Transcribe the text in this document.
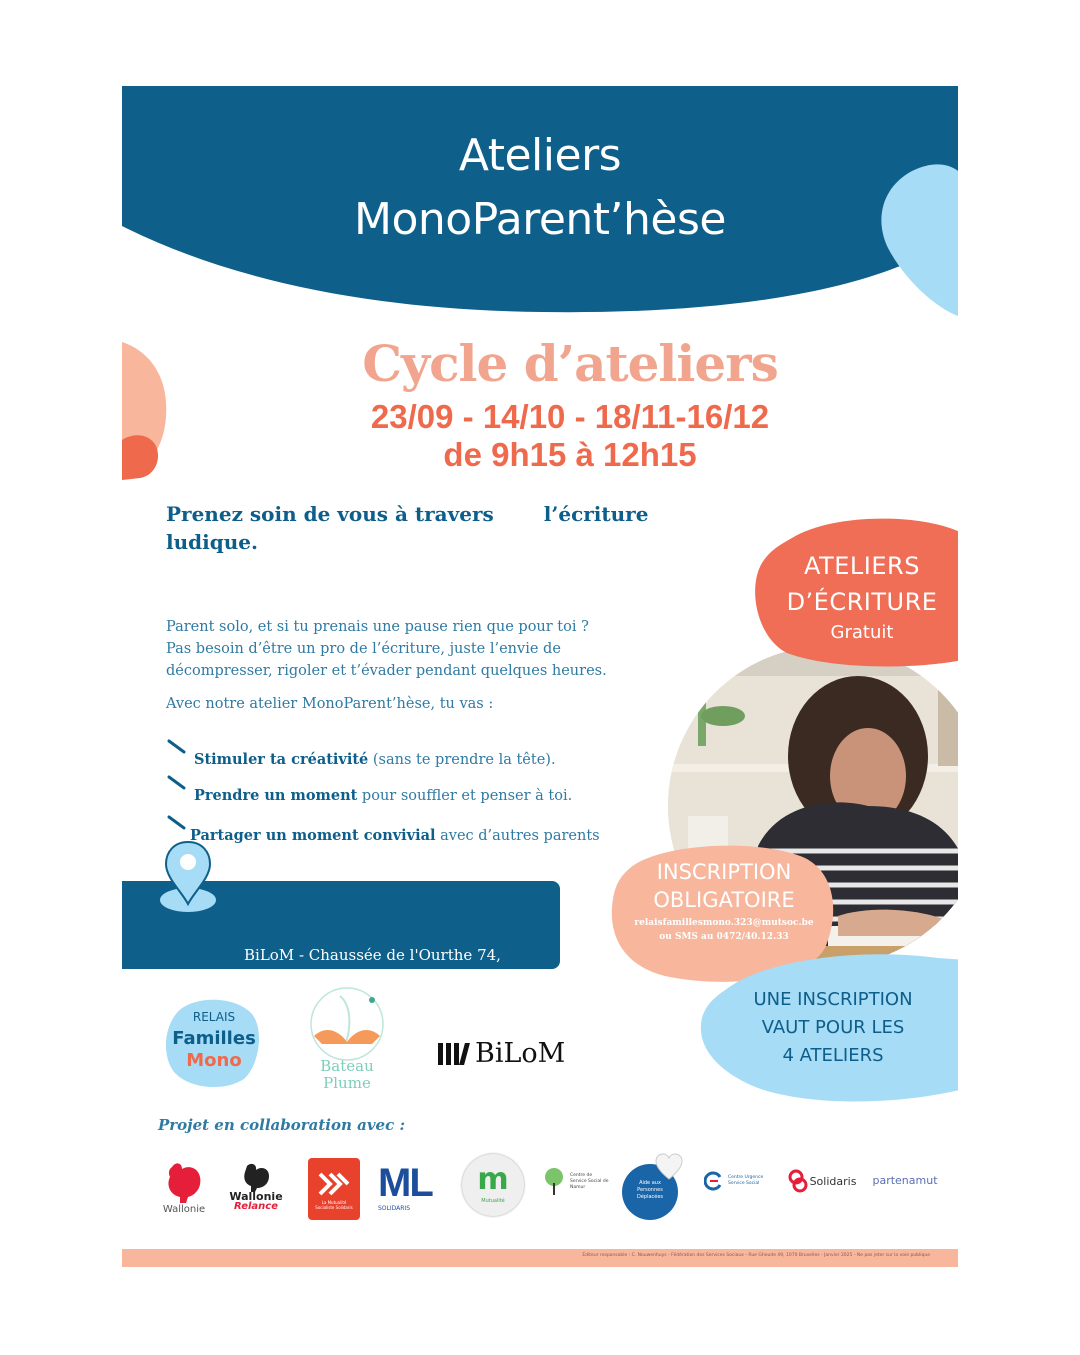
Ateliers
MonoParent’hèse
Cycle d’ateliers
23/09 - 14/10 - 18/11-16/12
de 9h15 à 12h15
Prenez soin de vous à travers	l’écriture
ludique.
Parent solo, et si tu prenais une pause rien que pour toi ?
Pas besoin d’être un pro de l’écriture, juste l’envie de
décompresser, rigoler et t’évader pendant quelques heures.
Avec notre atelier MonoParent’hèse, tu vas :
Stimuler ta créativité (sans te prendre la tête).
Prendre un moment pour souffler et penser à toi.
Partager un moment convivial avec d’autres parents
BiLoM - Chaussée de l'Ourthe 74,
ATELIERS
D’ÉCRITURE
Gratuit
INSCRIPTION
OBLIGATOIRE
relaisfamillesmono.323@mutsoc.be
ou SMS au 0472/40.12.33
UNE INSCRIPTION
VAUT POUR LES
4 ATELIERS
RELAIS
Familles
Mono	Bateau
Plume
BiLoM
Projet en collaboration avec :
Wallonie
Wallonie
Relance	La Mutualité Socialiste Solidaris
ML
SOLIDARIS
m
Mutualité
Centre de Service Social de Namur
Aide aux Personnes Déplacées
Centre Urgence Service Social	Solidaris partenamut
Éditeur responsable : C. Nouwenhuys - Fédération des Services Sociaux - Rue Gheude 49, 1070 Bruxelles - Janvier 2025 - Ne pas jeter sur la voie publique
